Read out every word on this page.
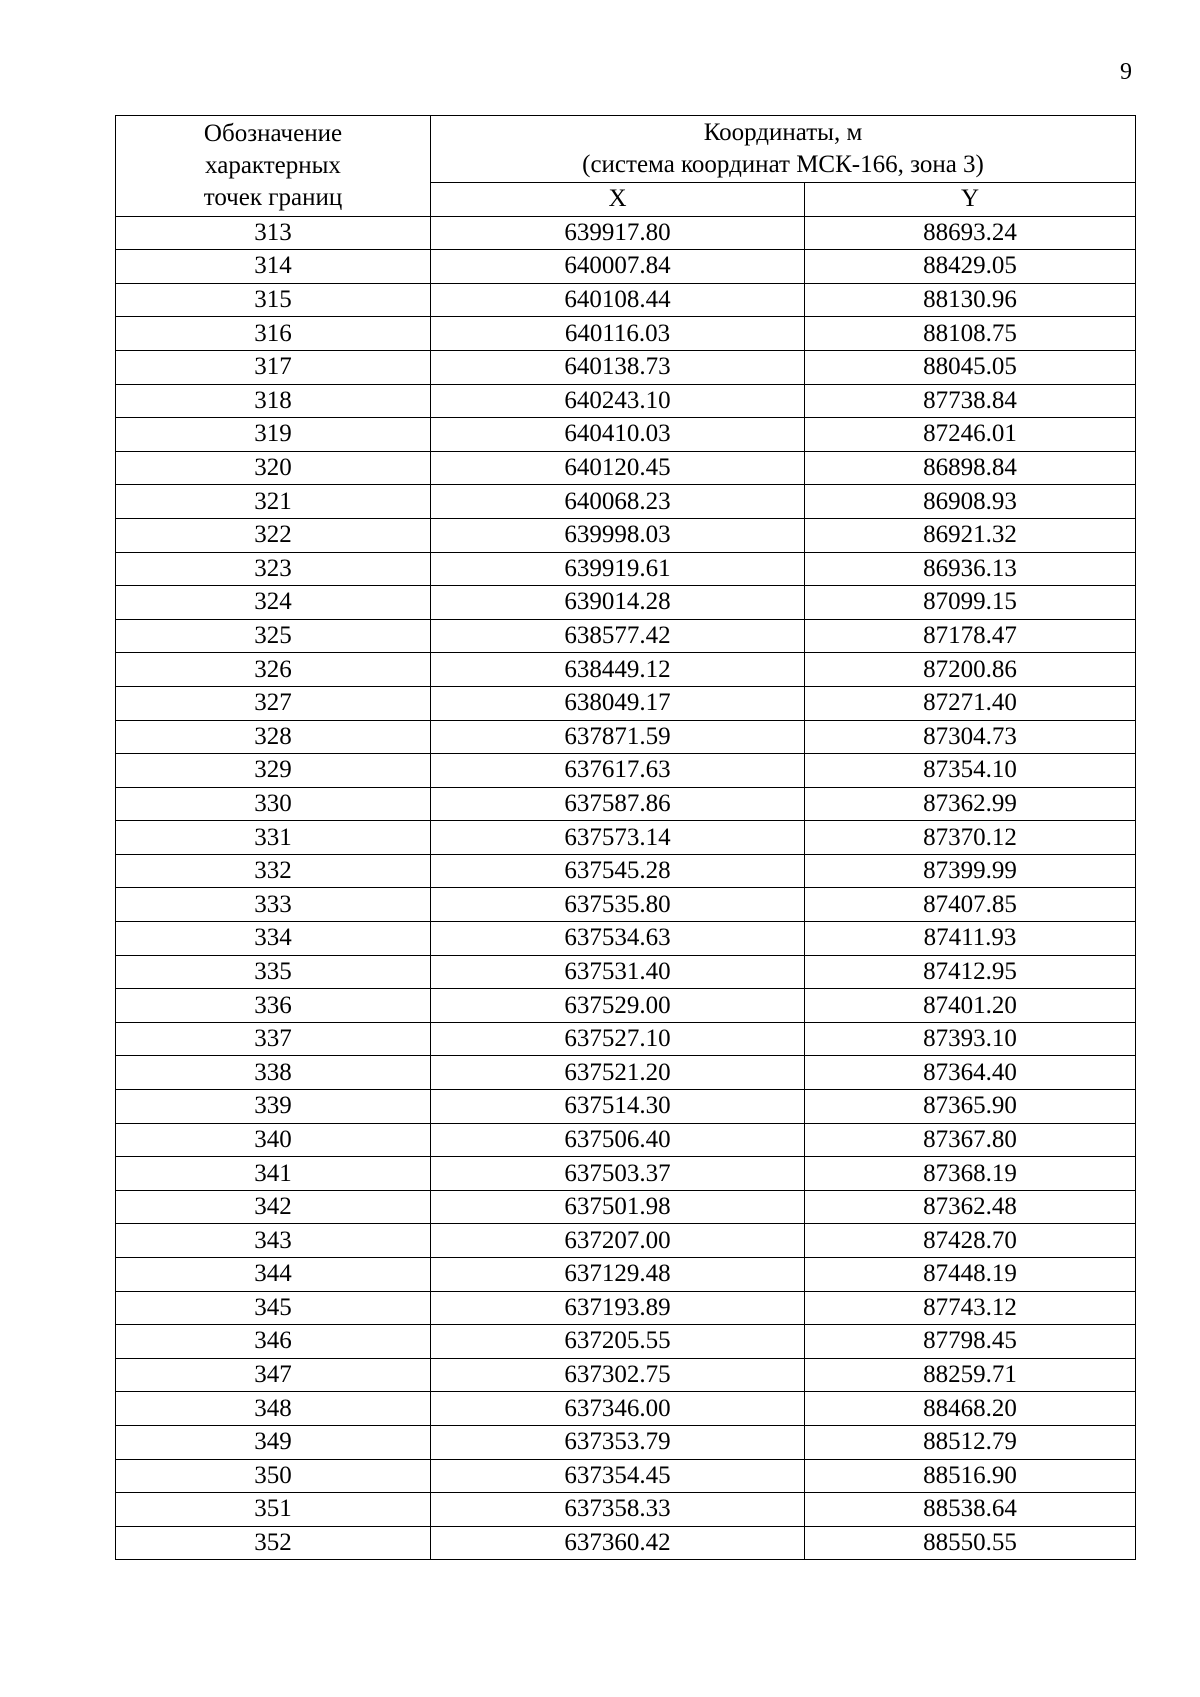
9
Обозначение
характерных
точек границ	Координаты, м
(система координат МСК-166, зона 3)	

	X	Y
313	639917.80	88693.24
314	640007.84	88429.05
315	640108.44	88130.96
316	640116.03	88108.75
317	640138.73	88045.05
318	640243.10	87738.84
319	640410.03	87246.01
320	640120.45	86898.84
321	640068.23	86908.93
322	639998.03	86921.32
323	639919.61	86936.13
324	639014.28	87099.15
325	638577.42	87178.47
326	638449.12	87200.86
327	638049.17	87271.40
328	637871.59	87304.73
329	637617.63	87354.10
330	637587.86	87362.99
331	637573.14	87370.12
332	637545.28	87399.99
333	637535.80	87407.85
334	637534.63	87411.93
335	637531.40	87412.95
336	637529.00	87401.20
337	637527.10	87393.10
338	637521.20	87364.40
339	637514.30	87365.90
340	637506.40	87367.80
341	637503.37	87368.19
342	637501.98	87362.48
343	637207.00	87428.70
344	637129.48	87448.19
345	637193.89	87743.12
346	637205.55	87798.45
347	637302.75	88259.71
348	637346.00	88468.20
349	637353.79	88512.79
350	637354.45	88516.90
351	637358.33	88538.64
352	637360.42	88550.55
